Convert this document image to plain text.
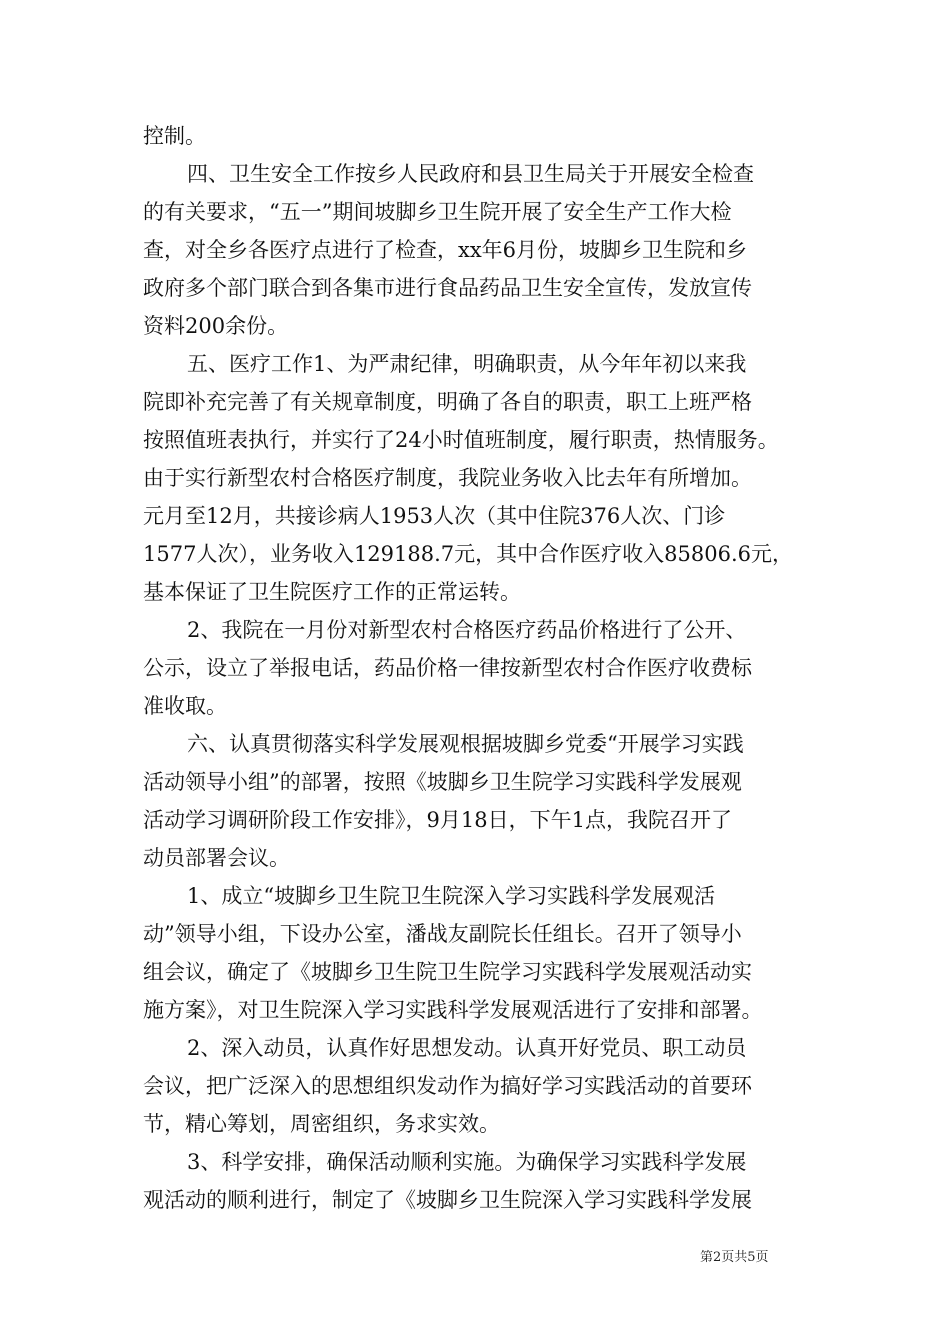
控制。
四、卫生安全工作按乡人民政府和县卫生局关于开展安全检查
的有关要求，“五一”期间坡脚乡卫生院开展了安全生产工作大检
查，对全乡各医疗点进行了检查，xx年6月份，坡脚乡卫生院和乡
政府多个部门联合到各集市进行食品药品卫生安全宣传，发放宣传
资料200余份。
五、医疗工作1、为严肃纪律，明确职责，从今年年初以来我
院即补充完善了有关规章制度，明确了各自的职责，职工上班严格
按照值班表执行，并实行了24小时值班制度，履行职责，热情服务。
由于实行新型农村合格医疗制度，我院业务收入比去年有所增加。
元月至12月，共接诊病人1953人次（其中住院376人次、门诊
1577人次），业务收入129188.7元，其中合作医疗收入85806.6元，
基本保证了卫生院医疗工作的正常运转。
2、我院在一月份对新型农村合格医疗药品价格进行了公开、
公示，设立了举报电话，药品价格一律按新型农村合作医疗收费标
准收取。
六、认真贯彻落实科学发展观根据坡脚乡党委“开展学习实践
活动领导小组”的部署，按照《坡脚乡卫生院学习实践科学发展观
活动学习调研阶段工作安排》，9月18日，下午1点，我院召开了
动员部署会议。
1、成立“坡脚乡卫生院卫生院深入学习实践科学发展观活
动”领导小组，下设办公室，潘战友副院长任组长。召开了领导小
组会议，确定了《坡脚乡卫生院卫生院学习实践科学发展观活动实
施方案》，对卫生院深入学习实践科学发展观活进行了安排和部署。
2、深入动员，认真作好思想发动。认真开好党员、职工动员
会议，把广泛深入的思想组织发动作为搞好学习实践活动的首要环
节，精心筹划，周密组织，务求实效。
3、科学安排，确保活动顺利实施。为确保学习实践科学发展
观活动的顺利进行，制定了《坡脚乡卫生院深入学习实践科学发展
第2页共5页
